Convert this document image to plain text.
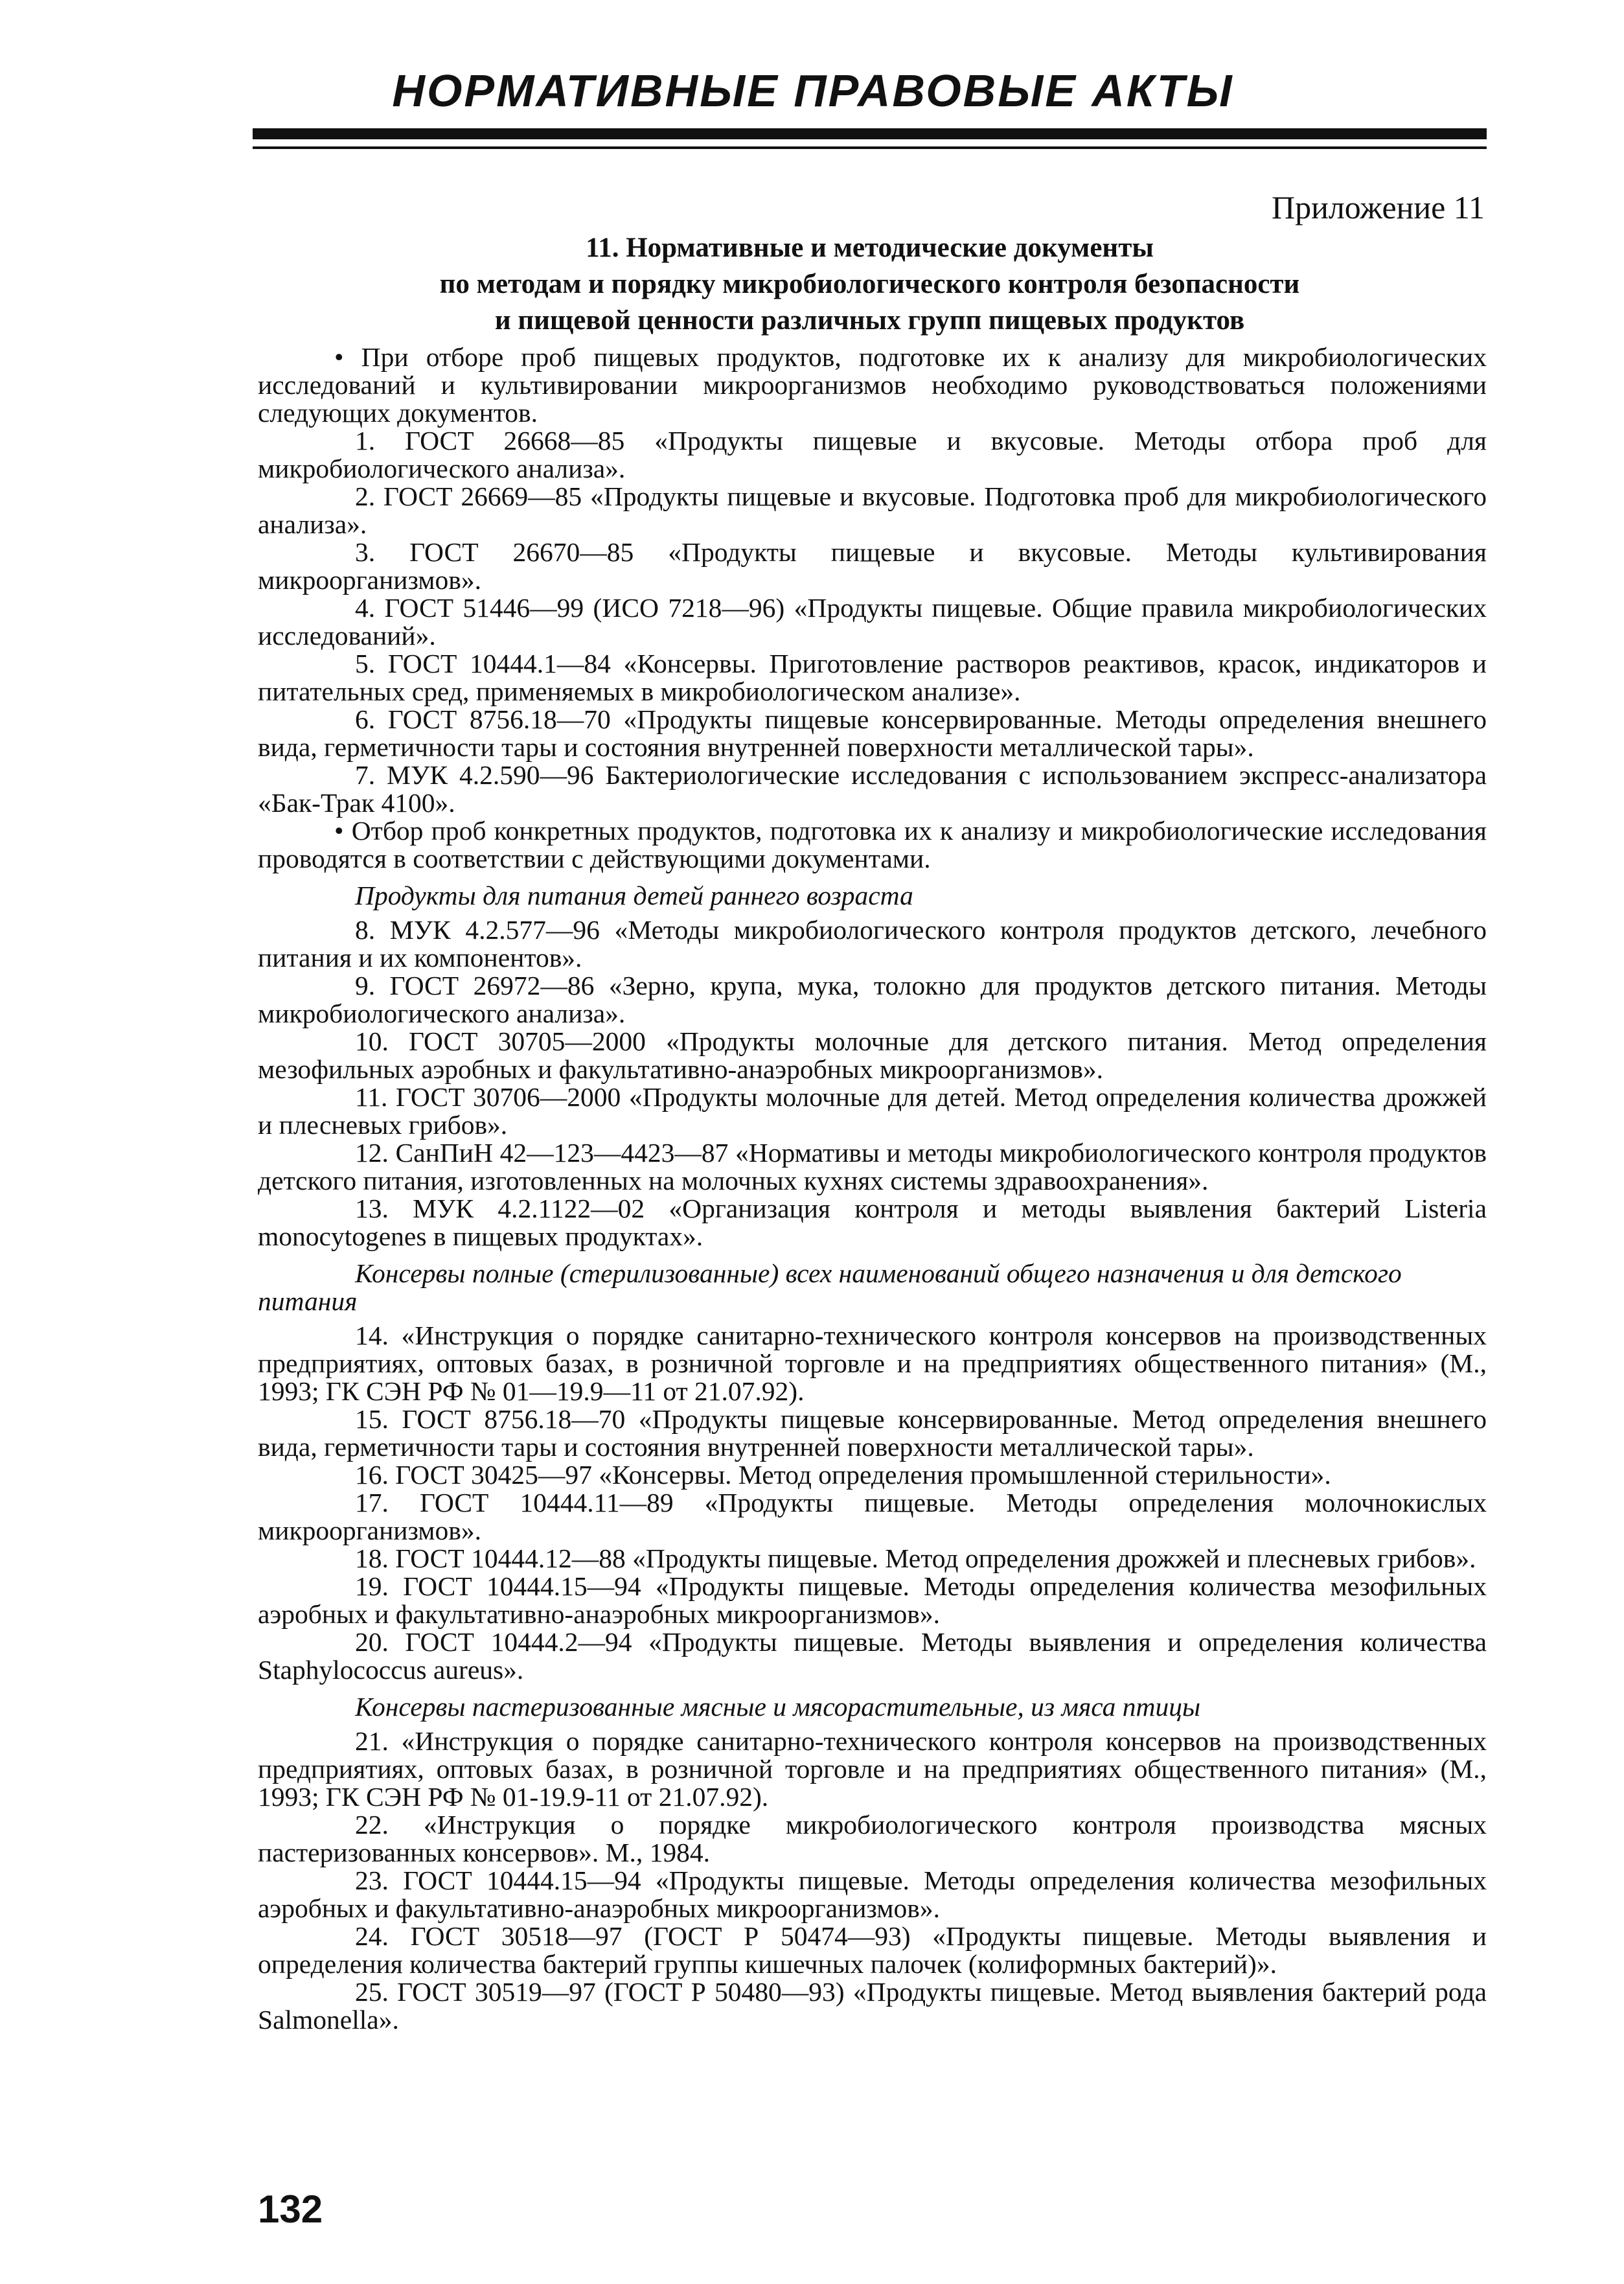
НОРМАТИВНЫЕ ПРАВОВЫЕ АКТЫ
Приложение 11
11. Нормативные и методические документы
по методам и порядку микробиологического контроля безопасности
и пищевой ценности различных групп пищевых продуктов

• При отборе проб пищевых продуктов, подготовке их к анализу для микробиологических исследований и культивировании микроорганизмов необходимо руководствоваться положениями следующих документов.

1. ГОСТ 26668—85 «Продукты пищевые и вкусовые. Методы отбора проб для микробиологического анализа».

2. ГОСТ 26669—85 «Продукты пищевые и вкусовые. Подготовка проб для микробиологического анализа».

3. ГОСТ 26670—85 «Продукты пищевые и вкусовые. Методы культивирования микроорганизмов».

4. ГОСТ 51446—99 (ИСО 7218—96) «Продукты пищевые. Общие правила микробиологических исследований».

5. ГОСТ 10444.1—84 «Консервы. Приготовление растворов реактивов, красок, индикаторов и питательных сред, применяемых в микробиологическом анализе».

6. ГОСТ 8756.18—70 «Продукты пищевые консервированные. Методы определения внешнего вида, герметичности тары и состояния внутренней поверхности металлической тары».

7. МУК 4.2.590—96 Бактериологические исследования с использованием экспресс-анализатора «Бак-Трак 4100».

• Отбор проб конкретных продуктов, подготовка их к анализу и микробиологические исследования проводятся в соответствии с действующими документами.

Продукты для питания детей раннего возраста

8. МУК 4.2.577—96 «Методы микробиологического контроля продуктов детского, лечебного питания и их компонентов».

9. ГОСТ 26972—86 «Зерно, крупа, мука, толокно для продуктов детского питания. Методы микробиологического анализа».

10. ГОСТ 30705—2000 «Продукты молочные для детского питания. Метод определения мезофильных аэробных и факультативно-анаэробных микроорганизмов».

11. ГОСТ 30706—2000 «Продукты молочные для детей. Метод определения количества дрожжей и плесневых грибов».

12. СанПиН 42—123—4423—87 «Нормативы и методы микробиологического контроля продуктов детского питания, изготовленных на молочных кухнях системы здравоохранения».

13. МУК 4.2.1122—02 «Организация контроля и методы выявления бактерий Listeria monocytogenes в пищевых продуктах».

Консервы полные (стерилизованные) всех наименований общего назначения и для детского питания

14. «Инструкция о порядке санитарно-технического контроля консервов на производственных предприятиях, оптовых базах, в розничной торговле и на предприятиях общественного питания» (М., 1993; ГК СЭН РФ № 01—19.9—11 от 21.07.92).

15. ГОСТ 8756.18—70 «Продукты пищевые консервированные. Метод определения внешнего вида, герметичности тары и состояния внутренней поверхности металлической тары».

16. ГОСТ 30425—97 «Консервы. Метод определения промышленной стерильности».

17. ГОСТ 10444.11—89 «Продукты пищевые. Методы определения молочнокислых микроорганизмов».

18. ГОСТ 10444.12—88 «Продукты пищевые. Метод определения дрожжей и плесневых грибов».

19. ГОСТ 10444.15—94 «Продукты пищевые. Методы определения количества мезофильных аэробных и факультативно-анаэробных микроорганизмов».

20. ГОСТ 10444.2—94 «Продукты пищевые. Методы выявления и определения количества Staphylococcus aureus».

Консервы пастеризованные мясные и мясорастительные, из мяса птицы

21. «Инструкция о порядке санитарно-технического контроля консервов на производственных предприятиях, оптовых базах, в розничной торговле и на предприятиях общественного питания» (М., 1993; ГК СЭН РФ № 01-19.9-11 от 21.07.92).

22. «Инструкция о порядке микробиологического контроля производства мясных пастеризованных консервов». М., 1984.

23. ГОСТ 10444.15—94 «Продукты пищевые. Методы определения количества мезофильных аэробных и факультативно-анаэробных микроорганизмов».

24. ГОСТ 30518—97 (ГОСТ Р 50474—93) «Продукты пищевые. Методы выявления и определения количества бактерий группы кишечных палочек (колиформных бактерий)».

25. ГОСТ 30519—97 (ГОСТ Р 50480—93) «Продукты пищевые. Метод выявления бактерий рода Salmonella».

132
